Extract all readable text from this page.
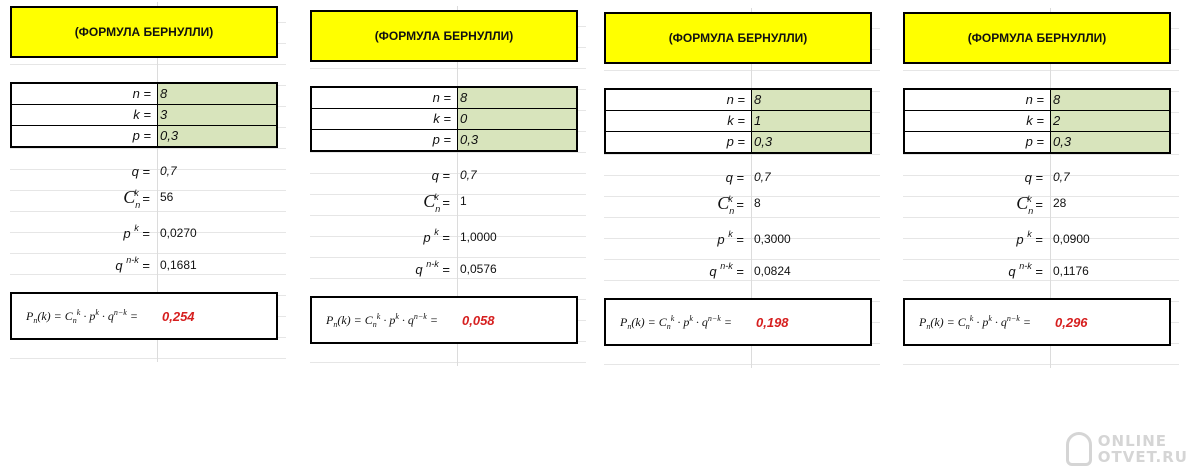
(ФОРМУЛА БЕРНУЛЛИ)
n = 8
k = 3
p = 0,3
q = 0,7
$C_n^k = 56$
p $^k$ = 0,0270
q $^{n-k}$ = 0,1681
$P_n(k) = C_n^k \cdot p^k \cdot q^{n-k}$ =	0,254
(ФОРМУЛА БЕРНУЛЛИ)
n = 8
k = 0
p = 0,3
q = 0,7
$C_n^k = 1$
p $^k$ = 1,0000
q $^{n-k}$ = 0,0576
$P_n(k) = C_n^k \cdot p^k \cdot q^{n-k}$ =	0,058
(ФОРМУЛА БЕРНУЛЛИ)
n = 8
k = 1
p = 0,3
q = 0,7
$C_n^k = 8$
p $^k$ = 0,3000
q $^{n-k}$ = 0,0824
$P_n(k) = C_n^k \cdot p^k \cdot q^{n-k}$ =	0,198
(ФОРМУЛА БЕРНУЛЛИ)
n = 8
k = 2
p = 0,3
q = 0,7
$C_n^k = 28$
p $^k$ = 0,0900
q $^{n-k}$ = 0,1176
$P_n(k) = C_n^k \cdot p^k \cdot q^{n-k}$ =	0,296
ONLINE
OTVET.RU
